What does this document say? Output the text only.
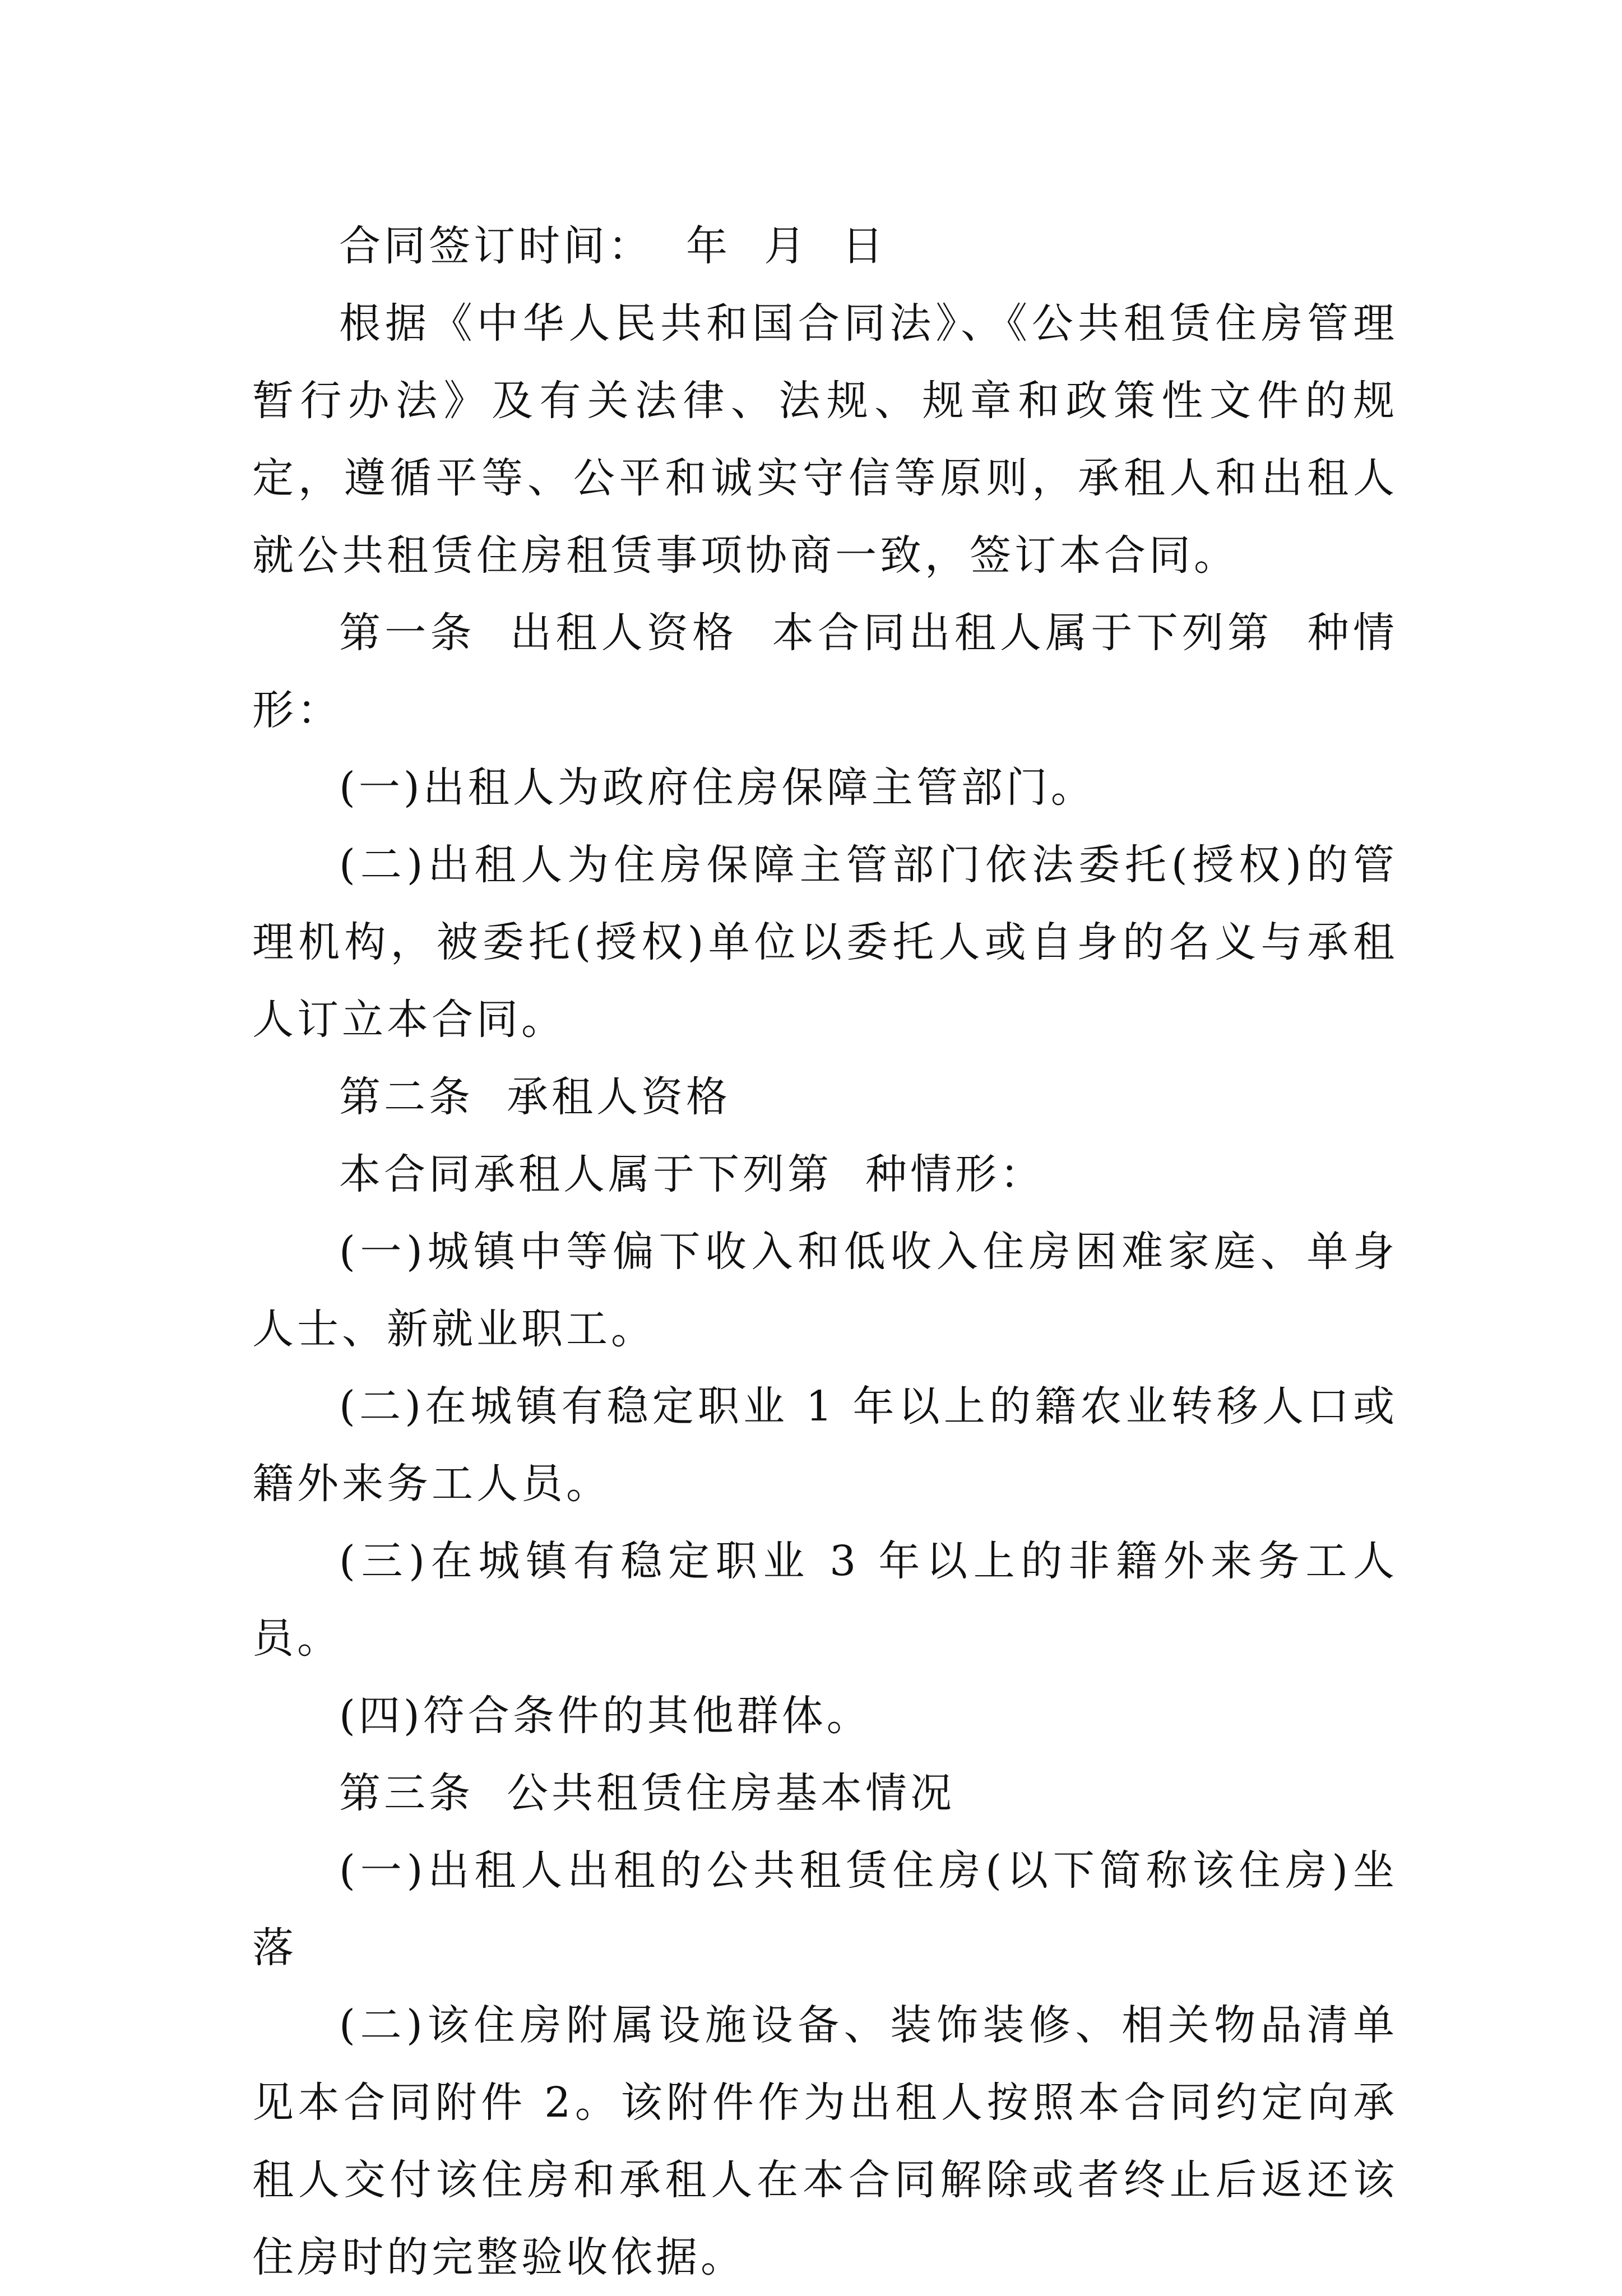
合同签订时间：  年  月  日

根据《中华人民共和国合同法》、《公共租赁住房管理暂行办法》及有关法律、法规、规章和政策性文件的规定，遵循平等、公平和诚实守信等原则，承租人和出租人就公共租赁住房租赁事项协商一致，签订本合同。

第一条  出租人资格  本合同出租人属于下列第  种情形：

(一)出租人为政府住房保障主管部门。

(二)出租人为住房保障主管部门依法委托(授权)的管理机构，被委托(授权)单位以委托人或自身的名义与承租人订立本合同。

第二条  承租人资格

本合同承租人属于下列第  种情形：

(一)城镇中等偏下收入和低收入住房困难家庭、单身人士、新就业职工。

(二)在城镇有稳定职业 1 年以上的籍农业转移人口或籍外来务工人员。

(三)在城镇有稳定职业 3 年以上的非籍外来务工人员。

(四)符合条件的其他群体。

第三条  公共租赁住房基本情况

(一)出租人出租的公共租赁住房(以下简称该住房)坐落

(二)该住房附属设施设备、装饰装修、相关物品清单见本合同附件 2。该附件作为出租人按照本合同约定向承租人交付该住房和承租人在本合同解除或者终止后返还该住房时的完整验收依据。
